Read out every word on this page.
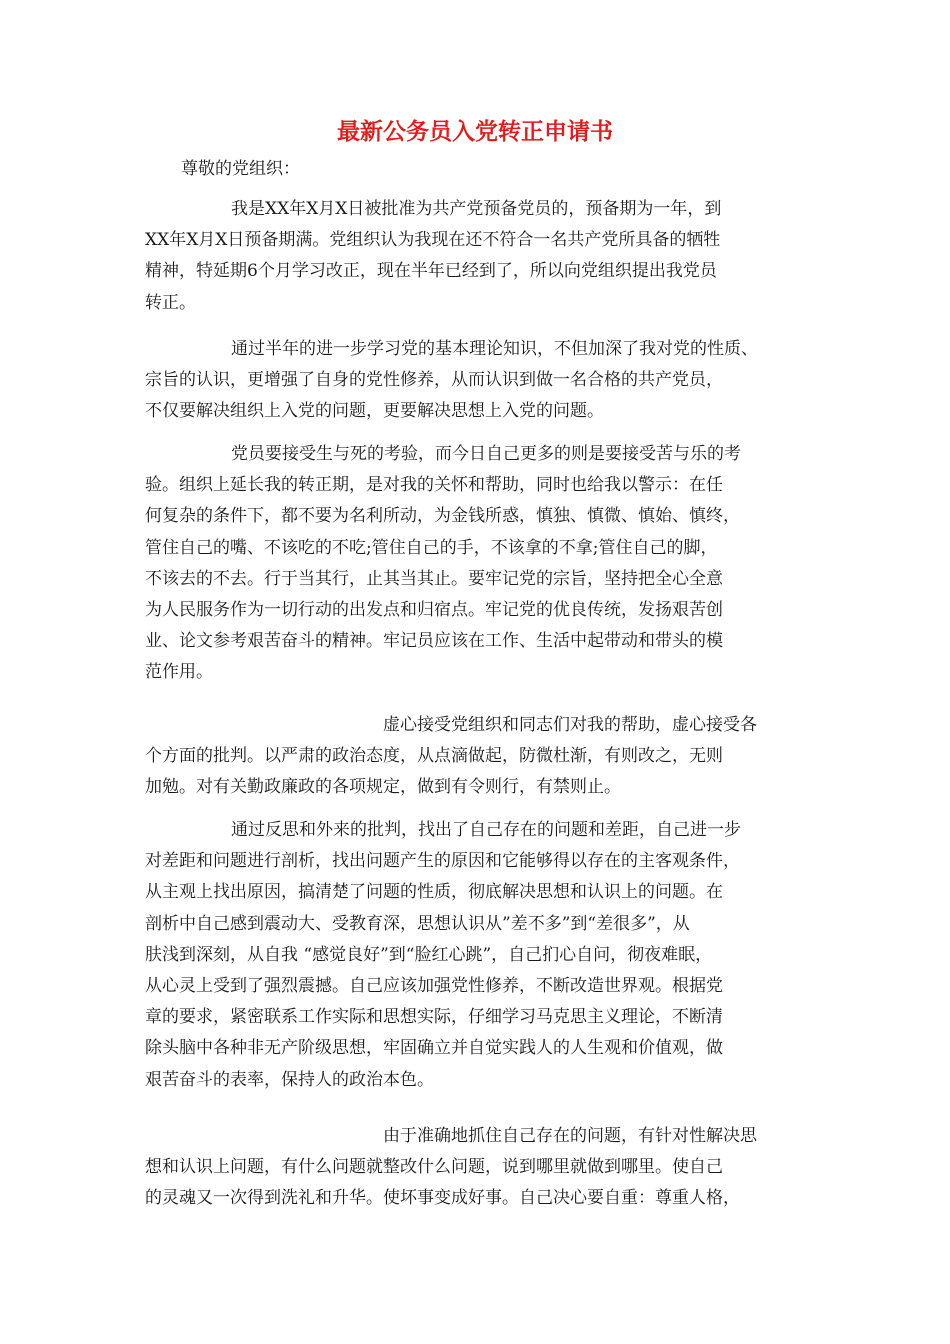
最新公务员入党转正申请书

尊敬的党组织：

我是XX年X月X日被批准为共产党预备党员的，预备期为一年，到
XX年X月X日预备期满。党组织认为我现在还不符合一名共产党所具备的牺牲
精神，特延期6个月学习改正，现在半年已经到了，所以向党组织提出我党员
转正。

通过半年的进一步学习党的基本理论知识，不但加深了我对党的性质、
宗旨的认识，更增强了自身的党性修养，从而认识到做一名合格的共产党员，
不仅要解决组织上入党的问题，更要解决思想上入党的问题。

党员要接受生与死的考验，而今日自己更多的则是要接受苦与乐的考
验。组织上延长我的转正期，是对我的关怀和帮助，同时也给我以警示：在任
何复杂的条件下，都不要为名利所动，为金钱所惑，慎独、慎微、慎始、慎终，
管住自己的嘴、不该吃的不吃;管住自己的手，不该拿的不拿;管住自己的脚，
不该去的不去。行于当其行，止其当其止。要牢记党的宗旨，坚持把全心全意
为人民服务作为一切行动的出发点和归宿点。牢记党的优良传统，发扬艰苦创
业、论文参考艰苦奋斗的精神。牢记员应该在工作、生活中起带动和带头的模
范作用。

虚心接受党组织和同志们对我的帮助，虚心接受各
个方面的批判。以严肃的政治态度，从点滴做起，防微杜渐，有则改之，无则
加勉。对有关勤政廉政的各项规定，做到有令则行，有禁则止。

通过反思和外来的批判，找出了自己存在的问题和差距，自己进一步
对差距和问题进行剖析，找出问题产生的原因和它能够得以存在的主客观条件，
从主观上找出原因，搞清楚了问题的性质，彻底解决思想和认识上的问题。在
剖析中自己感到震动大、受教育深，思想认识从”差不多”到“差很多”，从
肤浅到深刻，从自我 “感觉良好”到“脸红心跳”，自己扪心自问，彻夜难眠，
从心灵上受到了强烈震撼。自己应该加强党性修养，不断改造世界观。根据党
章的要求，紧密联系工作实际和思想实际，仔细学习马克思主义理论，不断清
除头脑中各种非无产阶级思想，牢固确立并自觉实践人的人生观和价值观，做
艰苦奋斗的表率，保持人的政治本色。

由于准确地抓住自己存在的问题，有针对性解决思
想和认识上问题，有什么问题就整改什么问题，说到哪里就做到哪里。使自己
的灵魂又一次得到洗礼和升华。使坏事变成好事。自己决心要自重：尊重人格，
